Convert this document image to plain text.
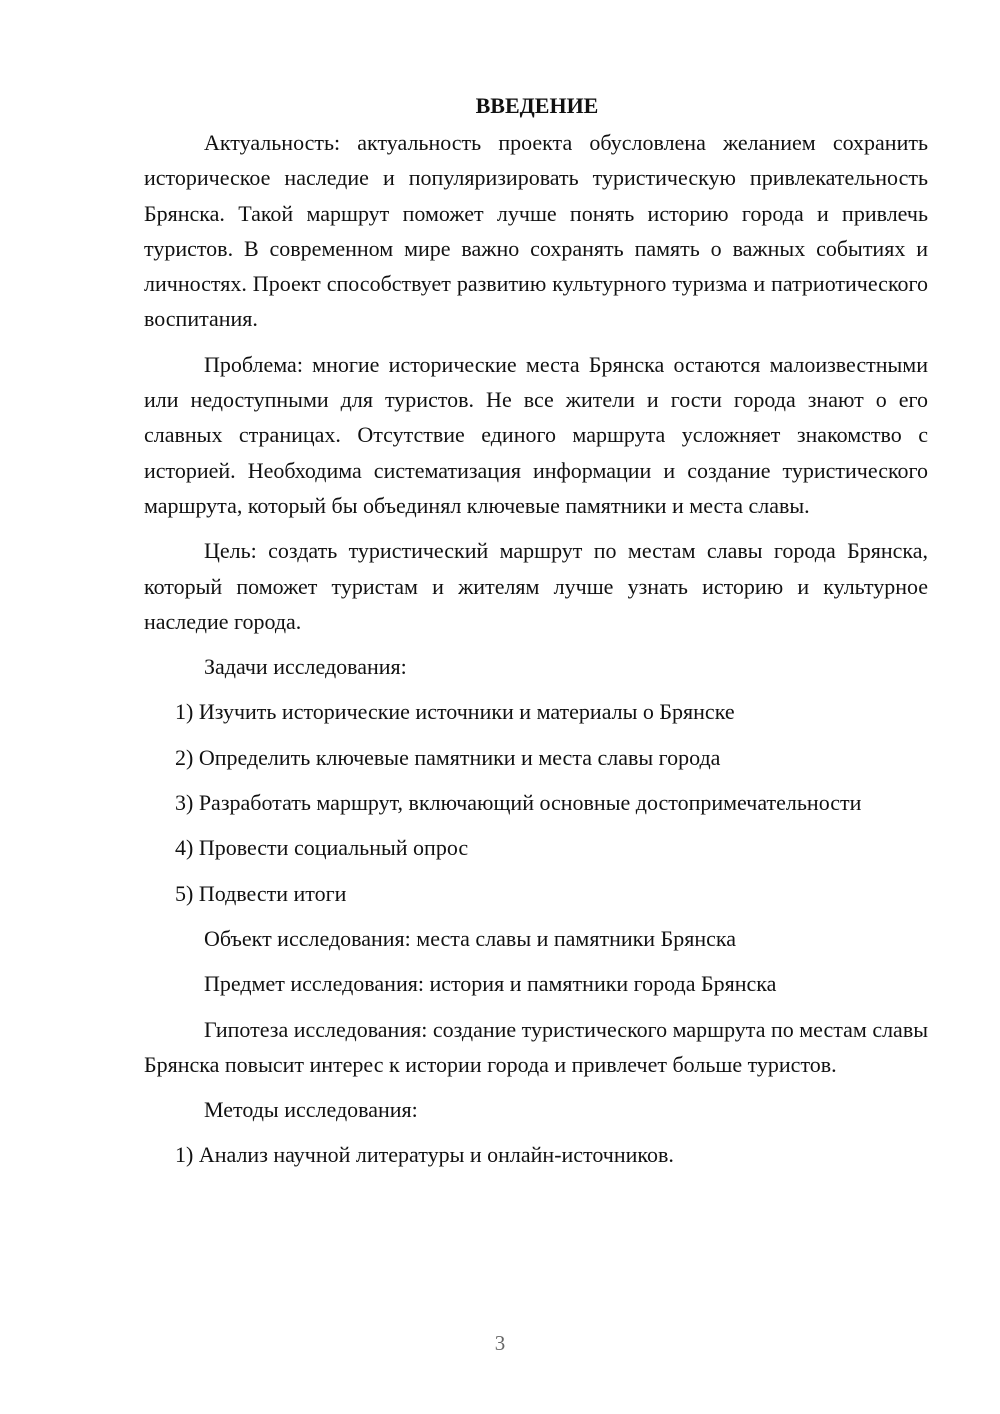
ВВЕДЕНИЕ

Актуальность: актуальность проекта обусловлена желанием сохранить историческое наследие и популяризировать туристическую привлекательность Брянска. Такой маршрут поможет лучше понять историю города и привлечь туристов. В современном мире важно сохранять память о важных событиях и личностях. Проект способствует развитию культурного туризма и патриотического воспитания.

Проблема: многие исторические места Брянска остаются малоизвестными или недоступными для туристов. Не все жители и гости города знают о его славных страницах. Отсутствие единого маршрута усложняет знакомство с историей. Необходима систематизация информации и создание туристического маршрута, который бы объединял ключевые памятники и места славы.

Цель: создать туристический маршрут по местам славы города Брянска, который поможет туристам и жителям лучше узнать историю и культурное наследие города.

Задачи исследования:

1) Изучить исторические источники и материалы о Брянске

2) Определить ключевые памятники и места славы города

3) Разработать маршрут, включающий основные достопримечательности

4) Провести социальный опрос

5) Подвести итоги

Объект исследования: места славы и памятники Брянска

Предмет исследования: история и памятники города Брянска

Гипотеза исследования: создание туристического маршрута по местам славы Брянска повысит интерес к истории города и привлечет больше туристов.

Методы исследования:

1) Анализ научной литературы и онлайн-источников.

3
